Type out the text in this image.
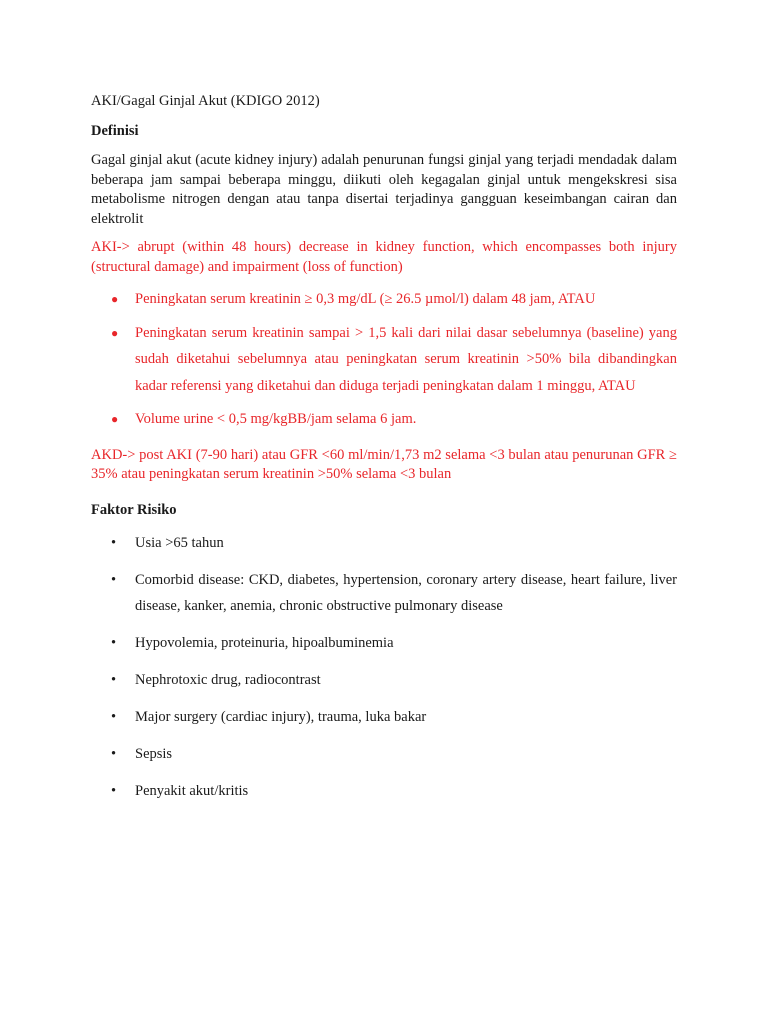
AKI/Gagal Ginjal Akut (KDIGO 2012)

Definisi

Gagal ginjal akut (acute kidney injury) adalah penurunan fungsi ginjal yang terjadi mendadak dalam beberapa jam sampai beberapa minggu, diikuti oleh kegagalan ginjal untuk mengekskresi sisa metabolisme nitrogen dengan atau tanpa disertai terjadinya gangguan keseimbangan cairan dan elektrolit

AKI-> abrupt (within 48 hours) decrease in kidney function, which encompasses both injury (structural damage) and impairment (loss of function)

● Peningkatan serum kreatinin ≥ 0,3 mg/dL (≥ 26.5 µmol/l) dalam 48 jam, ATAU
● Peningkatan serum kreatinin sampai > 1,5 kali dari nilai dasar sebelumnya (baseline) yang sudah diketahui sebelumnya atau peningkatan serum kreatinin >50% bila dibandingkan kadar referensi yang diketahui dan diduga terjadi peningkatan dalam 1 minggu, ATAU
● Volume urine < 0,5 mg/kgBB/jam selama 6 jam.

AKD-> post AKI (7-90 hari) atau GFR <60 ml/min/1,73 m2 selama <3 bulan atau penurunan GFR ≥ 35% atau peningkatan serum kreatinin >50% selama <3 bulan

Faktor Risiko

• Usia >65 tahun
• Comorbid disease: CKD, diabetes, hypertension, coronary artery disease, heart failure, liver disease, kanker, anemia, chronic obstructive pulmonary disease
• Hypovolemia, proteinuria, hipoalbuminemia
• Nephrotoxic drug, radiocontrast
• Major surgery (cardiac injury), trauma, luka bakar
• Sepsis
• Penyakit akut/kritis
